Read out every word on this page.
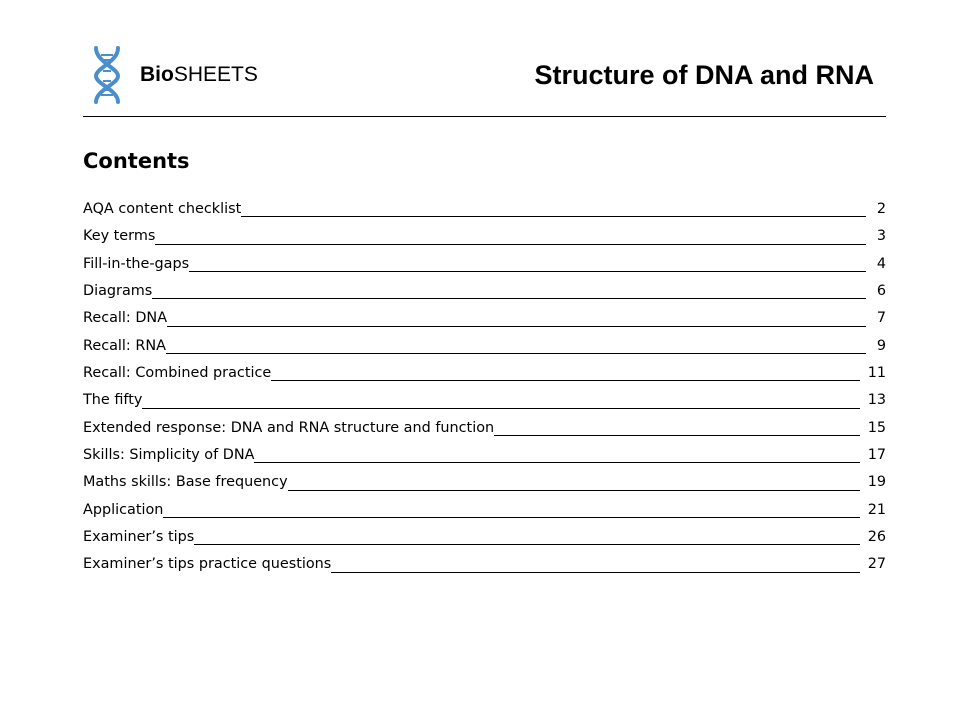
BioSHEETS	Structure of DNA and RNA
Contents
AQA content checklist	2
Key terms	3
Fill-in-the-gaps	4
Diagrams	6
Recall: DNA	7
Recall: RNA	9
Recall: Combined practice	11
The fifty	13
Extended response: DNA and RNA structure and function	15
Skills: Simplicity of DNA	17
Maths skills: Base frequency	19
Application	21
Examiner’s tips	26
Examiner’s tips practice questions	27
